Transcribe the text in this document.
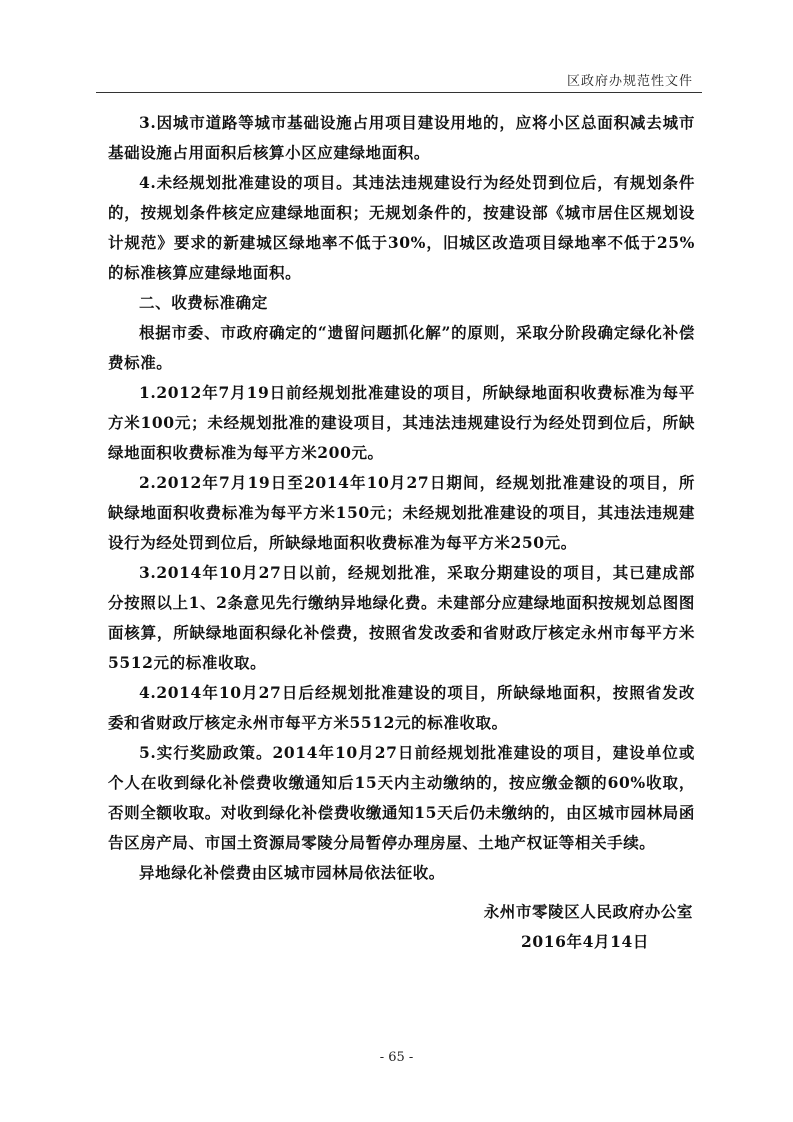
区政府办规范性文件

3.因城市道路等城市基础设施占用项目建设用地的，应将小区总面积减去城市基础设施占用面积后核算小区应建绿地面积。

4.未经规划批准建设的项目。其违法违规建设行为经处罚到位后，有规划条件的，按规划条件核定应建绿地面积；无规划条件的，按建设部《城市居住区规划设计规范》要求的新建城区绿地率不低于30%，旧城区改造项目绿地率不低于25%的标准核算应建绿地面积。

二、收费标准确定

根据市委、市政府确定的“遗留问题抓化解”的原则，采取分阶段确定绿化补偿费标准。

1.2012年7月19日前经规划批准建设的项目，所缺绿地面积收费标准为每平方米100元；未经规划批准的建设项目，其违法违规建设行为经处罚到位后，所缺绿地面积收费标准为每平方米200元。

2.2012年7月19日至2014年10月27日期间，经规划批准建设的项目，所缺绿地面积收费标准为每平方米150元；未经规划批准建设的项目，其违法违规建设行为经处罚到位后，所缺绿地面积收费标准为每平方米250元。

3.2014年10月27日以前，经规划批准，采取分期建设的项目，其已建成部分按照以上1、2条意见先行缴纳异地绿化费。未建部分应建绿地面积按规划总图图面核算，所缺绿地面积绿化补偿费，按照省发改委和省财政厅核定永州市每平方米5512元的标准收取。

4.2014年10月27日后经规划批准建设的项目，所缺绿地面积，按照省发改委和省财政厅核定永州市每平方米5512元的标准收取。

5.实行奖励政策。2014年10月27日前经规划批准建设的项目，建设单位或个人在收到绿化补偿费收缴通知后15天内主动缴纳的，按应缴金额的60%收取，否则全额收取。对收到绿化补偿费收缴通知15天后仍未缴纳的，由区城市园林局函告区房产局、市国土资源局零陵分局暂停办理房屋、土地产权证等相关手续。

异地绿化补偿费由区城市园林局依法征收。

永州市零陵区人民政府办公室
2016年4月14日
- 65 -
